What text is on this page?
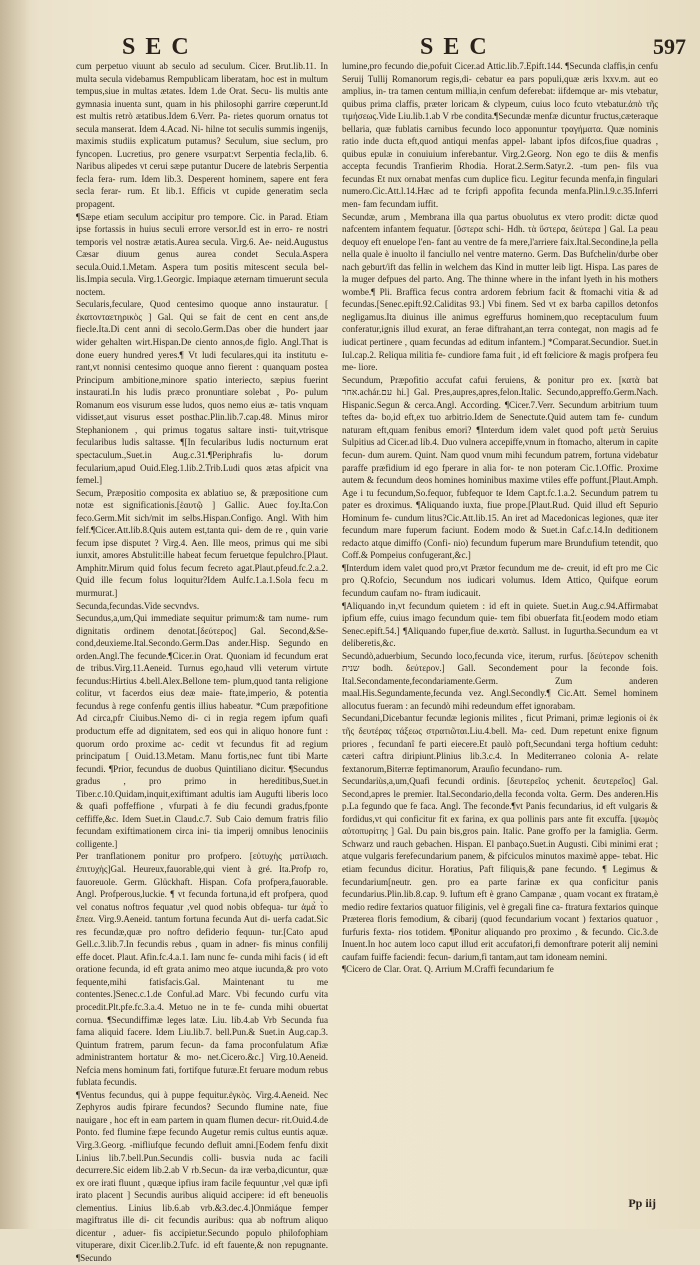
SEC	SEC	597

cum perpetuo viuunt ab seculo ad seculum. Cicer. Brut.lib.11. In multa secula videbamus Rempublicam liberatam, hoc est in multum tempus,siue in multas ætates. Idem 1.de Orat. Secu- lis multis ante gymnasia inuenta sunt, quam in his philosophi garrire cœperunt.Id est multis retrò ætatibus.Idem 6.Verr. Pa- rietes quorum ornatus tot secula manserat. Idem 4.Acad. Ni- hilne tot seculis summis ingenijs, maximis studiis explicatum putamus? Seculum, siue seclum, pro fyncopen. Lucretius, pro genere vsurpat:vt Serpentia fecla,lib. 6. Naribus alipedes vt cerui sæpe putantur Ducere de latebris Serpentia fecla fera- rum. Idem lib.3. Desperent hominem, sapere ent fera secla ferar- rum. Et lib.1. Efficis vt cupide generatim secla propagent.

¶Sæpe etiam seculum accipitur pro tempore. Cic. in Parad. Etiam ipse fortassis in huius seculi errore versor.Id est in erro- re nostri temporis vel nostræ ætatis.Aurea secula. Virg.6. Ae- neid.Augustus Cæsar diuum genus aurea condet Secula.Aspera secula.Ouid.1.Metam. Aspera tum positis mitescent secula bel- lis.Impia secula. Virg.1.Georgic. Impiaque æternam timuerunt secula noctem.

Secularis,feculare, Quod centesimo quoque anno instauratur. [ ἐκατονταετηρικὸς ] Gal. Qui se fait de cent en cent ans,de fiecle.Ita.Di cent anni di secolo.Germ.Das ober die hundert jaar wider gehalten wirt.Hispan.De ciento annos,de figlo. Angl.That is done euery hundred yeres.¶ Vt ludi feculares,qui ita institutu e- rant,vt nonnisi centesimo quoque anno fierent : quanquam postea Principum ambitione,minore spatio interiecto, sæpius fuerint instaurati.In his ludis præco pronuntiare solebat , Po- pulum Romanum eos visurum esse ludos, quos nemo eius æ- tatis vnquam vidisset,aut visurus esset posthac.Plin.lib.7.cap.48. Minus miror Stephanionem , qui primus togatus saltare insti- tuit,vtrisque fecularibus ludis saltasse. ¶[In fecularibus ludis nocturnum erat spectaculum.,Suet.in Aug.c.31.¶Periphrafis lu- dorum fecularium,apud Ouid.Eleg.1.lib.2.Trib.Ludi quos ætas afpicit vna femel.]

Secum, Præpositio composita ex ablatiuo se, & præpositione cum notæ est significationis.[ἑαυτῷ ] Gallic. Auec foy.Ita.Con feco.Germ.Mit sich/mit im selbs.Hispan.Configo. Angl. With him felf.¶Cicer.Att.lib.8.Quis autem est,tanta qui- dem de re , quin varie fecum ipse disputet ? Virg.4. Aen. Ille meos, primus qui me sibi iunxit, amores Abstulit:ille habeat fecum feruetque fepulchro.[Plaut. Amphitr.Mirum quid folus fecum fecreto agat.Plaut.pfeud.fc.2.a.2. Quid ille fecum folus loquitur?Idem Aulfc.1.a.1.Sola fecu m murmurat.]

Secunda,fecundas.Vide secvndvs.

Secundus,a,um,Qui immediate sequitur primum:& tam nume- rum dignitatis ordinem denotat.[δεύτερος] Gal. Second,&Se- cond,deuxieme.Ital.Secondo.Germ.Das ander.Hisp. Segundo en orden.Angl.The fecunde.¶Cicer.in Orat. Quoniam id fecundum erat de tribus.Virg.11.Aeneid. Turnus ego,haud vlli veterum virtute fecundus:Hirtius 4.bell.Alex.Bellone tem- plum,quod tanta religione colitur, vt facerdos eius deæ maie- ftate,imperio, & potentia fecundus à rege confenfu gentis illius habeatur. *Cum præpofitione Ad circa,pfr Ciuibus.Nemo di- ci in regia regem ipfum quafi productum effe ad dignitatem, sed eos qui in aliquo honore funt : quorum ordo proxime ac- cedit vt fecundus fit ad regium principatum [ Ouid.13.Metam. Manu fortis,nec funt tibi Marte fecundi. ¶Prior, fecundus de duobus Quintiliano dicitur. ¶Secundus gradus , pro primo in hereditibus,Suet.in Tiber.c.10.Quidam,inquit,exiftimant adultis iam Augufti liberis loco & quafi poffeffione , vfurpati à fe diu fecundi gradus,fponte ceffiffe,&c. Idem Suet.in Claud.c.7. Sub Caio demum fratris filio fecundam exiftimationem circa ini- tia imperij omnibus lenociniis colligente.]

Per tranflationem ponitur pro profpero. [εὐτυχὴς ματίλιαch. ἐπιτυχὴς]Gal. Heureux,fauorable,qui vient à gré. Ita.Profp ro, fauoreuole. Germ. Glückhaft. Hispan. Cofa profpera,fauorable. Angl. Profperous,luckie. ¶ vt fecunda fortuna,id eft profpera, quod vel conatus noftros fequatur ,vel quod nobis obfequa- tur ἀμὰ̀ τ̀ο ἕπεα. Virg.9.Aeneid. tantum fortuna fecunda Aut di- uerfa cadat.Sic res fecundæ,quæ pro noftro defiderio fequun- tur.[Cato apud Gell.c.3.lib.7.In fecundis rebus , quam in adner- fis minus confilij effe docet. Plaut. Afin.fc.4.a.1. Iam nunc fe- cunda mihi facis ( id eft oratione fecunda, id eft grata animo meo atque iucunda,& pro voto fequente,mihi fatisfacis.Gal. Maintenant tu me contentes.]Senec.c.1.de Conful.ad Marc. Vbi fecundo curfu vita procedit.Plt.pfe.fc.3.a.4. Metuo ne in te fe- cunda mihi obuertat cornua. ¶Secundiffimæ leges latæ. Liu. lib.4.ab Vrb Secunda fua fama aliquid facere. Idem Liu.lib.7. bell.Pun.& Suet.in Aug.cap.3. Quintum fratrem, parum fecun- da fama proconfulatum Afiæ administrantem hortatur & mo- net.Cicero.&c.] Virg.10.Aeneid. Nefcia mens hominum fati, fortifque futuræ.Et feruare modum rebus fublata fecundis.

¶Ventus fecundus, qui à puppe fequitur.ἐγκὸς. Virg.4.Aeneid. Nec Zephyros audis fpirare fecundos? Secundo flumine nate, fiue nauigare , hoc eft in eam partem in quam flumen decur- rit.Ouid.4.de Ponto. fed flumine fæpe fecundo Augetur remis cultus euntis aquæ. Virg.3.Georg. -mifliufque fecundo defluit amni.[Eodem fenfu dixit Linius lib.7.bell.Pun.Secundis colli- busvia nuda ac facili decurrere.Sic eidem lib.2.ab V rb.Secun- da iræ verba,dicuntur, quæ ex ore irati fluunt , quæque ipfius iram facile fequuntur ,vel quæ ipfi irato placent ] Secundis auribus aliquid accipere: id eft beneuolis clementius. Linius lib.6.ab vrb.&3.dec.4.]Onmiáque femper magiftratus ille di- cit fecundis auribus: qua ab noftrum aliquo dicentur , aduer- fis accipietur.Secundo populo philofophiam vituperare, dixit Cicer.lib.2.Tufc. id eft fauente,& non repugnante. ¶Secundo

lumine,pro fecundo die,pofuit Cicer.ad Attic.lib.7.Epift.144. ¶Secunda claffis,in cenfu Seruij Tullij Romanorum regis,di- cebatur ea pars populi,quæ æris lxxv.m. aut eo amplius, in- tra tamen centum millia,in cenfum deferebat: iifdemque ar- mis vtebatur, quibus prima claffis, præter loricam & clypeum, cuius loco fcuto vtebatur.ἀπὸ τῆς τιμήσεως.Vide Liu.lib.1.ab V rbe condita.¶Secundæ menfæ dicuntur fructus,cæteraque bellaria, quæ fublatis carnibus fecundo loco apponuntur τραγήματα. Quæ nominis ratio inde ducta eft,quod antiqui menfas appel- labant ipfos difcos,fiue quadras , quibus epulæ in conuiuium inferebantur. Virg.2.Georg. Non ego te diis & menfis accepta fecundis Tranfierim Rhodia. Horat.2.Serm.Satyr.2. -tum pen- fils vua fecundas Et nux ornabat menfas cum duplice ficu. Legitur fecunda menfa,in fingulari numero.Cic.Att.l.14.Hæc ad te fcripfi appofita fecunda menfa.Plin.l.9.c.35.Inferri men- fam fecundam iuffit.

Secundæ, arum , Membrana illa qua partus obuolutus ex vtero prodit: dictæ quod nafcentem infantem fequatur. [ὕστερα schi- Hdh. τὰ ὕστερα, δεύτερα ] Gal. La peau dequoy eft enuelope l'en- fant au ventre de fa mere,l'arriere faix.Ital.Secondine,la pella nella quale è inuolto il fanciullo nel ventre materno. Germ. Das Bufchelin/durbe ober nach geburt/ift das fellin in welchem das Kind in mutter leib ligt. Hispa. Las pares de la muger defpues del parto. Ang. The thinne where in the infant lyeth in his mothers wombe.¶ Pli. Braffica fecus contra ardorem febrium facit & ftomachi vitia & ad fecundas.[Senec.epift.92.Caliditas 93.] Vbi finem. Sed vt ex barba capillos detonfos negligamus.Ita diuinus ille animus egreffurus hominem,quo receptaculum fuum conferatur,ignis illud exurat, an ferae diftrahant,an terra contegat, non magis ad fe iudicat pertinere , quam fecundas ad editum infantem.] *Comparat.Secundior. Suet.in Iul.cap.2. Reliqua militia fe- cundiore fama fuit , id eft fœliciore & magis profpera feu me- liore.

Secundum, Præpofitio accufat cafui feruiens, & ponitur pro ex. [κατὰ bat אחר.achár.עם hi.] Gal. Pres,aupres,apres,felon.Italic. Secundo,appreffo.Germ.Nach. Hispanic.Segun & cerca.Angl. According. ¶Cicer.7.Verr. Secundum arbitrium tuum teftes da- bo,id eft,ex tuo arbitrio.Idem de Senectute.Quid autem tam fe- cundum naturam eft,quam fenibus emori? ¶Interdum idem valet quod poft μετὰ Seruius Sulpitius ad Cicer.ad lib.4. Duo vulnera accepiffe,vnum in ftomacho, alterum in capite fecun- dum aurem. Quint. Nam quod vnum mihi fecundum patrem, fortuna videbatur paraffe præfidium id ego fperare in alia for- te non poteram Cic.1.Offic. Proxime autem & fecundum deos homines hominibus maxime vtiles effe poffunt.[Plaut.Amph. Age i tu fecundum,So.fequor, fubfequor te Idem Capt.fc.1.a.2. Secundum patrem tu pater es droximus. ¶Aliquando iuxta, fiue prope.[Plaut.Rud. Quid illud eft Sepurio Hominum fe- cundum litus?Cic.Att.lib.15. An iret ad Macedonicas legiones, quæ iter fecundum mare fuperum faciunt. Eodem modo & Suet.in Caf.c.14.In deditionem redacto atque dimiffo (Confi- nio) fecundum fuperum mare Brundufium tetendit, quo Coff.& Pompeius confugerant,&c.]

¶Interdum idem valet quod pro,vt Prætor fecundum me de- creuit, id eft pro me Cic pro Q.Rofcio, Secundum nos iudicari volumus. Idem Attico, Quifque eorum fecundum caufam no- ftram iudicauit.

¶Aliquando in,vt fecundum quietem : id eft in quiete. Suet.in Aug.c.94.Affirmabat ipfium effe, cuius imago fecundum quie- tem fibi obuerfata fit.[eodem modo etiam Senec.epift.54.] ¶Aliquando fuper,fiue de.κατὰ. Sallust. in Iugurtha.Secundum ea vt deliberetis,&c.

Secundò,aduerbium, Secundo loco,fecunda vice, iterum, rurfus. [δεύτερον schenith שנית bodh. δεύτερον.] Gall. Secondement pour la feconde fois. Ital.Secondamente,fecondariamente.Germ. Zum anderen maal.His.Segundamente,fecunda vez. Angl.Secondly.¶ Cic.Att. Semel hominem allocutus fueram : an fecundò mihi redeundum effet ignorabam.

Secundani,Dicebantur fecundæ legionis milites , ficut Primani, primæ legionis οἱ ἐκ τῆς δευτέρας τάξεως στρατιῶται.Liu.4.bell. Ma- ced. Dum repetunt enixe fignum priores , fecundanî fe parti eiecere.Et paulò poft,Secundani terga hoftium ceduht: cæteri caftra diripiunt.Plinius lib.3.c.4. In Mediterraneo colonia A- relate fextanorum,Biterræ feptimanorum, Arauſio fecundano- rum.

Secundariùs,a,um,Quafi fecundi ordinis. [δευτερεῖος ychenit. δευτερεῖος] Gal. Second,apres le premier. Ital.Secondario,della feconda volta. Germ. Des anderen.His p.La fegundo que fe faca. Angl. The feconde.¶vt Panis fecundarius, id eft vulgaris & fordidus,vt qui conficitur fit ex farina, ex qua pollinis pars ante fit excuffa. [ψωμὸς αὐτοπυρίτης ] Gal. Du pain bis,gros pain. Italic. Pane groffo per la famiglia. Germ. Schwarz und rauch gebachen. Hispan. El panbaço.Suet.in Augusti. Cibi minimi erat ; atque vulgaris ferefecundarium panem, & pifciculos minutos maximè appe- tebat. Hic etiam fecundus dicitur. Horatius, Paft filiquis,& pane fecundo. ¶ Legimus & fecundarium[neutr. gen. pro ea parte farinæ ex qua conficitur panis fecundarius.Plin.lib.8.cap. 9. Iuftum eft è grano Campanæ , quam vocant ex ftratam,è medio redire fextarios quatuor filiginis, vel è gregali fine ca- ftratura fextarios quinque Præterea floris femodium, & cibarij (quod fecundarium vocant ) fextarios quatuor , furfuris fexta- rios totidem. ¶Ponitur aliquando pro proximo , & fecundo. Cic.3.de Inuent.In hoc autem loco caput illud erit accufatori,fi demonftrare poterit alij nemini caufam fuiffe faciendi: fecun- darium,fi tantam,aut tam idoneam nemini.

¶Cicero de Clar. Orat. Q. Arrium M.Craffi fecundarium fe

Pp iij
